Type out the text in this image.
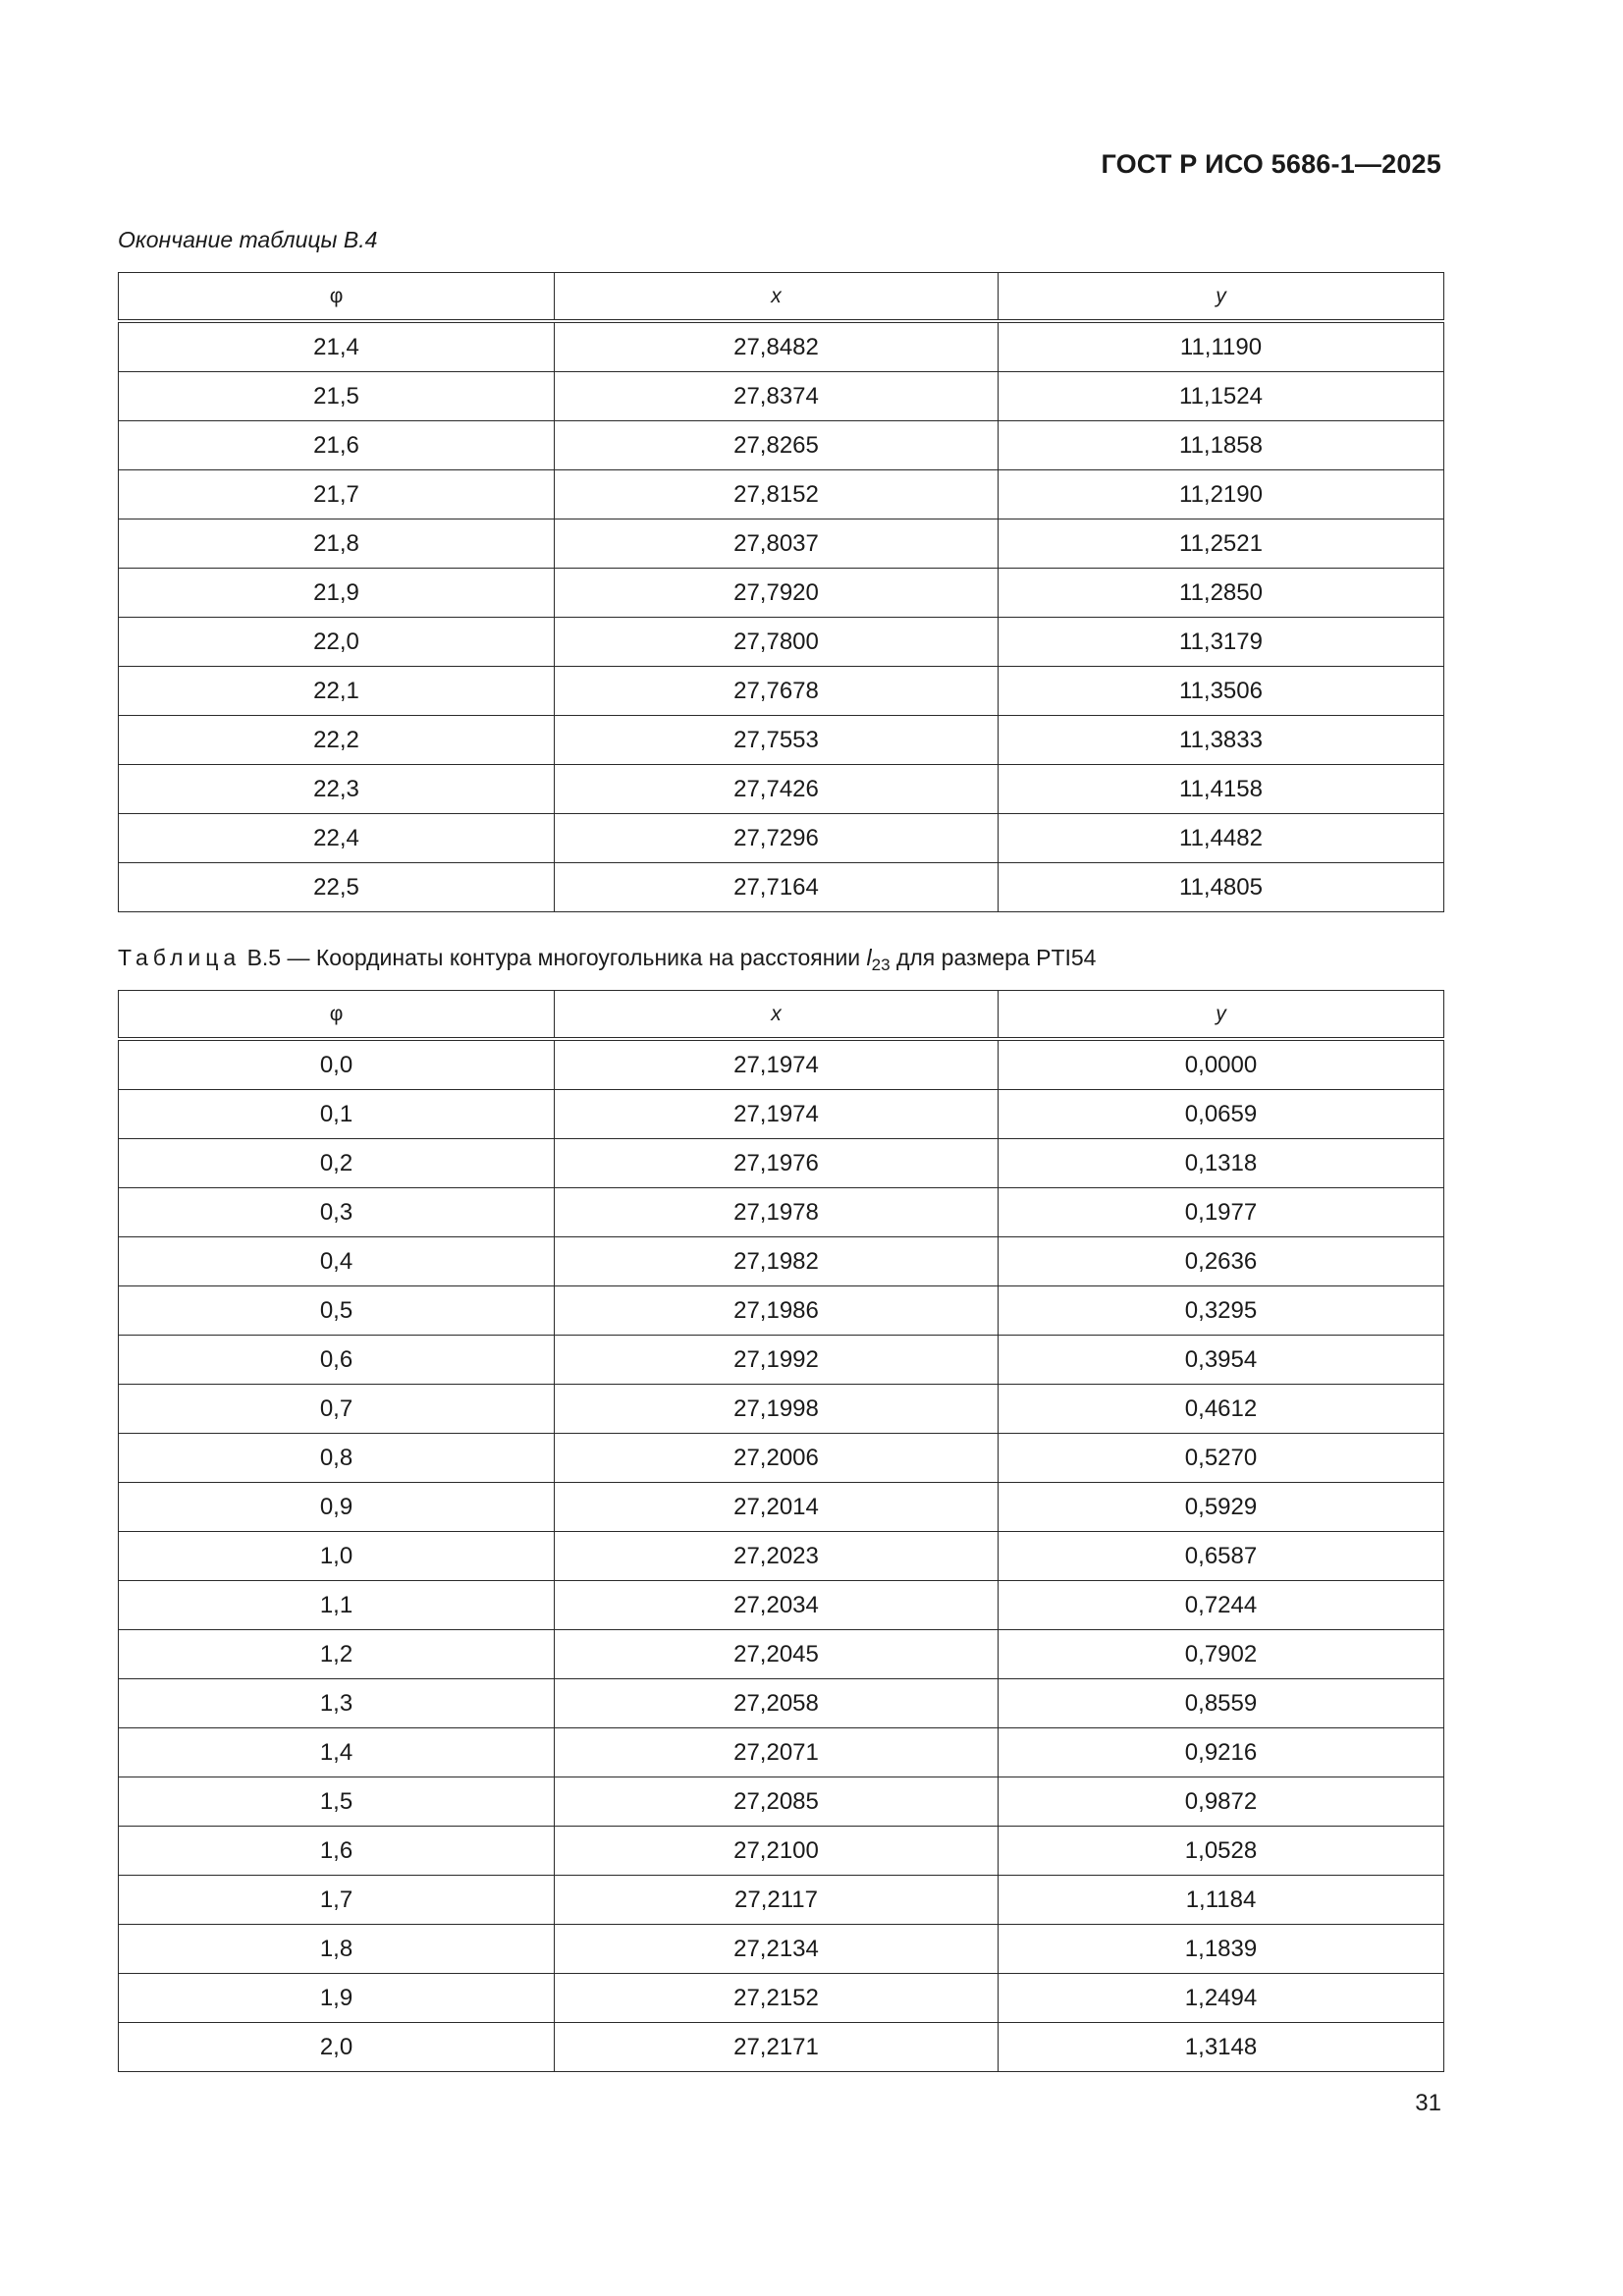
ГОСТ Р ИСО 5686-1—2025
Окончание таблицы В.4
φ	x	y
21,4	27,8482	11,1190
21,5	27,8374	11,1524
21,6	27,8265	11,1858
21,7	27,8152	11,2190
21,8	27,8037	11,2521
21,9	27,7920	11,2850
22,0	27,7800	11,3179
22,1	27,7678	11,3506
22,2	27,7553	11,3833
22,3	27,7426	11,4158
22,4	27,7296	11,4482
22,5	27,7164	11,4805
Таблица В.5 — Координаты контура многоугольника на расстоянии $l_{23}$ для размера PTI54
φ	x	y
0,0	27,1974	0,0000
0,1	27,1974	0,0659
0,2	27,1976	0,1318
0,3	27,1978	0,1977
0,4	27,1982	0,2636
0,5	27,1986	0,3295
0,6	27,1992	0,3954
0,7	27,1998	0,4612
0,8	27,2006	0,5270
0,9	27,2014	0,5929
1,0	27,2023	0,6587
1,1	27,2034	0,7244
1,2	27,2045	0,7902
1,3	27,2058	0,8559
1,4	27,2071	0,9216
1,5	27,2085	0,9872
1,6	27,2100	1,0528
1,7	27,2117	1,1184
1,8	27,2134	1,1839
1,9	27,2152	1,2494
2,0	27,2171	1,3148
31
